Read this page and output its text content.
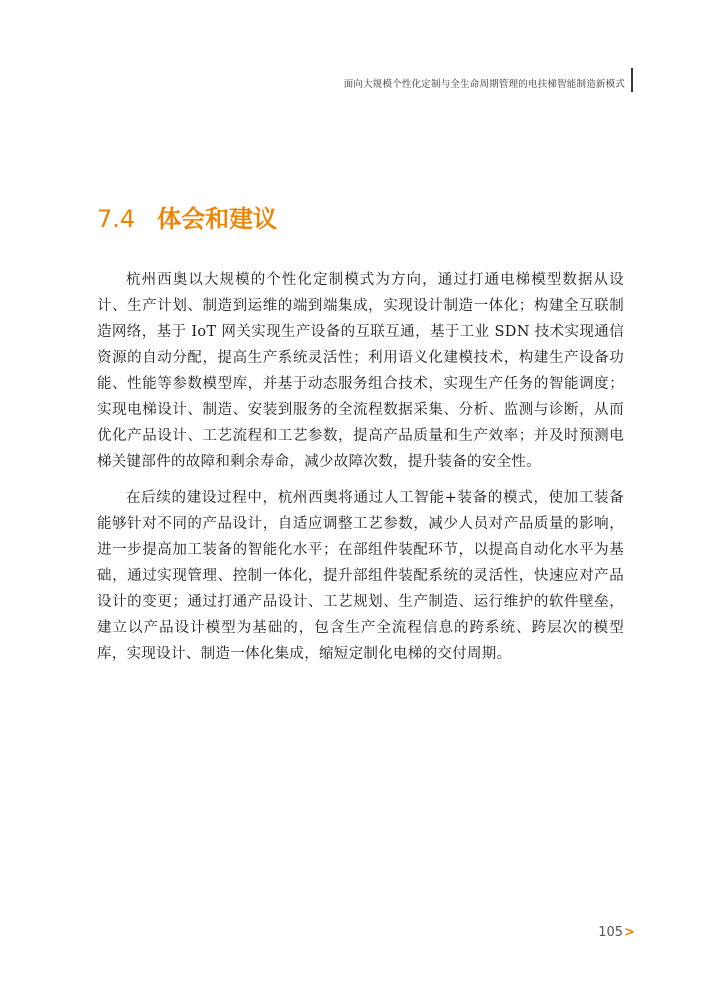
面向大规模个性化定制与全生命周期管理的电扶梯智能制造新模式
7.4 体会和建议

杭州西奥以大规模的个性化定制模式为方向，通过打通电梯模型数据从设计、生产计划、制造到运维的端到端集成，实现设计制造一体化；构建全互联制造网络，基于 IoT 网关实现生产设备的互联互通，基于工业 SDN 技术实现通信资源的自动分配，提高生产系统灵活性；利用语义化建模技术，构建生产设备功能、性能等参数模型库，并基于动态服务组合技术，实现生产任务的智能调度；实现电梯设计、制造、安装到服务的全流程数据采集、分析、监测与诊断，从而优化产品设计、工艺流程和工艺参数，提高产品质量和生产效率；并及时预测电梯关键部件的故障和剩余寿命，减少故障次数，提升装备的安全性。

在后续的建设过程中，杭州西奥将通过人工智能+装备的模式，使加工装备能够针对不同的产品设计，自适应调整工艺参数，减少人员对产品质量的影响，进一步提高加工装备的智能化水平；在部组件装配环节，以提高自动化水平为基础，通过实现管理、控制一体化，提升部组件装配系统的灵活性，快速应对产品设计的变更；通过打通产品设计、工艺规划、生产制造、运行维护的软件壁垒，建立以产品设计模型为基础的，包含生产全流程信息的跨系统、跨层次的模型库，实现设计、制造一体化集成，缩短定制化电梯的交付周期。

105>
